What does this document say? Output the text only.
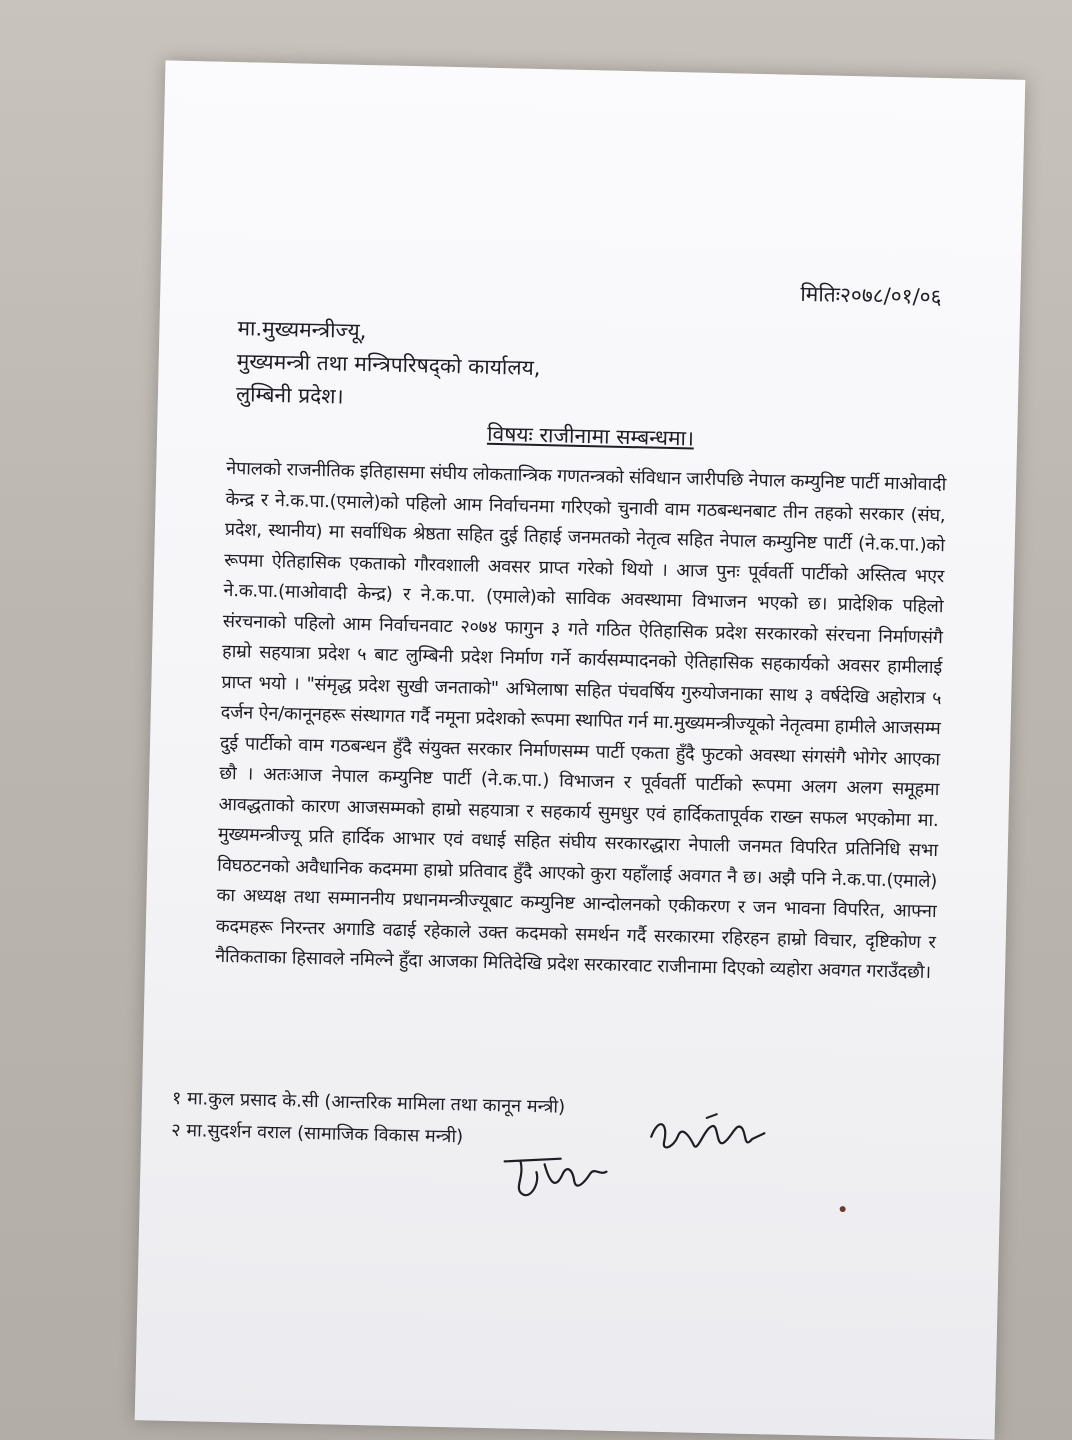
मितिः२०७८/०१/०६
मा.मुख्यमन्त्रीज्यू,
मुख्यमन्त्री तथा मन्त्रिपरिषद्को कार्यालय,
लुम्बिनी प्रदेश।
विषयः राजीनामा सम्बन्धमा।
नेपालको राजनीतिक इतिहासमा संघीय लोकतान्त्रिक गणतन्त्रको संविधान जारीपछि नेपाल कम्युनिष्ट पार्टी माओवादी केन्द्र र ने.क.पा.(एमाले)को पहिलो आम निर्वाचनमा गरिएको चुनावी वाम गठबन्धनबाट तीन तहको सरकार (संघ, प्रदेश, स्थानीय) मा सर्वाधिक श्रेष्ठता सहित दुई तिहाई जनमतको नेतृत्व सहित नेपाल कम्युनिष्ट पार्टी (ने.क.पा.)को रूपमा ऐतिहासिक एकताको गौरवशाली अवसर प्राप्त गरेको थियो । आज पुनः पूर्ववर्ती पार्टीको अस्तित्व भएर ने.क.पा.(माओवादी केन्द्र) र ने.क.पा. (एमाले)को साविक अवस्थामा विभाजन भएको छ। प्रादेशिक पहिलो संरचनाको पहिलो आम निर्वाचनवाट २०७४ फागुन ३ गते गठित ऐतिहासिक प्रदेश सरकारको संरचना निर्माणसंगै हाम्रो सहयात्रा प्रदेश ५ बाट लुम्बिनी प्रदेश निर्माण गर्ने कार्यसम्पादनको ऐतिहासिक सहकार्यको अवसर हामीलाई प्राप्त भयो । "संमृद्ध प्रदेश सुखी जनताको" अभिलाषा सहित पंचवर्षिय गुरुयोजनाका साथ ३ वर्षदेखि अहोरात्र ५ दर्जन ऐन/कानूनहरू संस्थागत गर्दै नमूना प्रदेशको रूपमा स्थापित गर्न मा.मुख्यमन्त्रीज्यूको नेतृत्वमा हामीले आजसम्म दुई पार्टीको वाम गठबन्धन हुँदै संयुक्त सरकार निर्माणसम्म पार्टी एकता हुँदै फुटको अवस्था संगसंगै भोगेर आएका छौ । अतःआज नेपाल कम्युनिष्ट पार्टी (ने.क.पा.) विभाजन र पूर्ववर्ती पार्टीको रूपमा अलग अलग समूहमा आवद्धताको कारण आजसम्मको हाम्रो सहयात्रा र सहकार्य सुमधुर एवं हार्दिकतापूर्वक राख्न सफल भएकोमा मा. मुख्यमन्त्रीज्यू प्रति हार्दिक आभार एवं वधाई सहित संघीय सरकारद्धारा नेपाली जनमत विपरित प्रतिनिधि सभा विघठटनको अवैधानिक कदममा हाम्रो प्रतिवाद हुँदै आएको कुरा यहाँलाई अवगत नै छ। अझै पनि ने.क.पा.(एमाले) का अध्यक्ष तथा सम्माननीय प्रधानमन्त्रीज्यूबाट कम्युनिष्ट आन्दोलनको एकीकरण र जन भावना विपरित, आफ्ना कदमहरू निरन्तर अगाडि वढाई रहेकाले उक्त कदमको समर्थन गर्दै सरकारमा रहिरहन हाम्रो विचार, दृष्टिकोण र नैतिकताका हिसावले नमिल्ने हुँदा आजका मितिदेखि प्रदेश सरकारवाट राजीनामा दिएको व्यहोरा अवगत गराउँदछौ।
१ मा.कुल प्रसाद के.सी (आन्तरिक मामिला तथा कानून मन्त्री)
२ मा.सुदर्शन वराल (सामाजिक विकास मन्त्री)
